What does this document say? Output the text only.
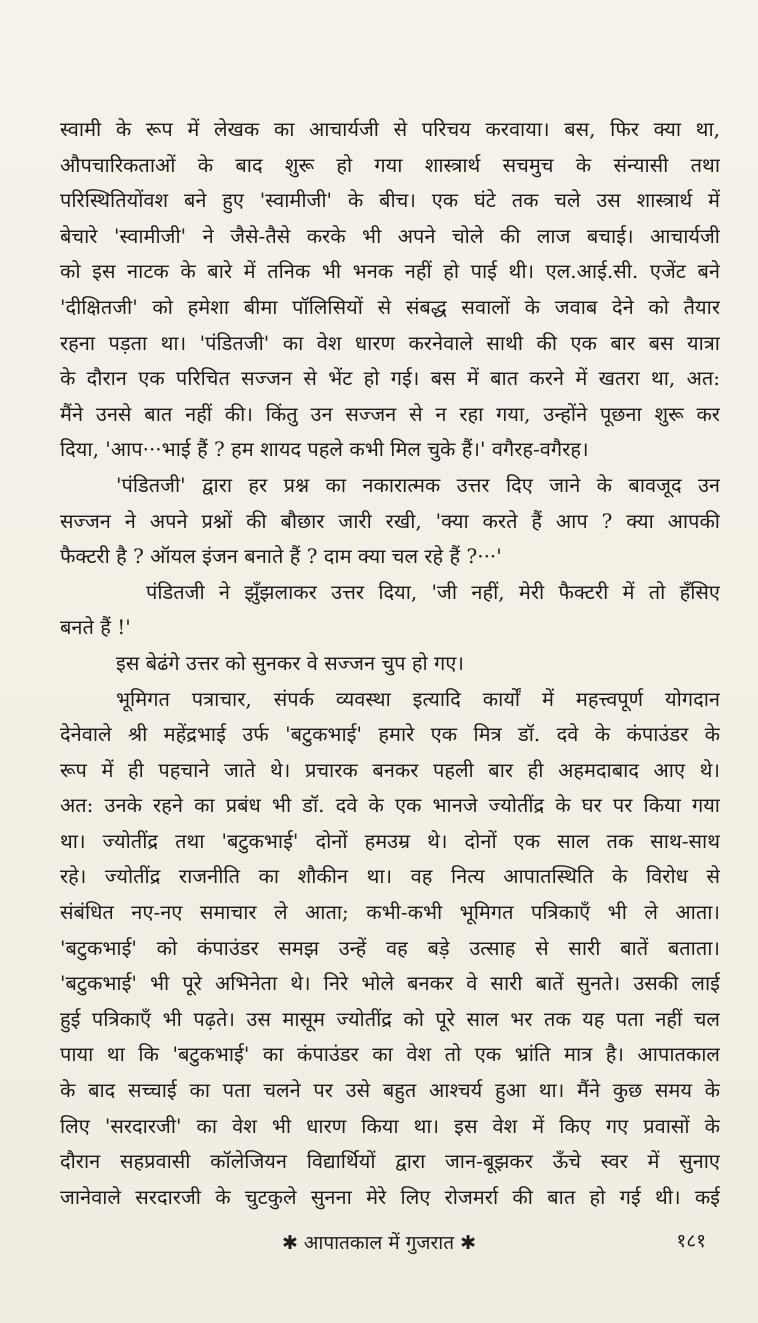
स्वामी के रूप में लेखक का आचार्यजी से परिचय करवाया। बस, फिर क्या था,
औपचारिकताओं के बाद शुरू हो गया शास्त्रार्थ सचमुच के संन्यासी तथा
परिस्थितियोंवश बने हुए 'स्वामीजी' के बीच। एक घंटे तक चले उस शास्त्रार्थ में
बेचारे 'स्वामीजी' ने जैसे-तैसे करके भी अपने चोले की लाज बचाई। आचार्यजी
को इस नाटक के बारे में तनिक भी भनक नहीं हो पाई थी। एल.आई.सी. एजेंट बने
'दीक्षितजी' को हमेशा बीमा पॉलिसियों से संबद्ध सवालों के जवाब देने को तैयार
रहना पड़ता था। 'पंडितजी' का वेश धारण करनेवाले साथी की एक बार बस यात्रा
के दौरान एक परिचित सज्जन से भेंट हो गई। बस में बात करने में खतरा था, अत:
मैंने उनसे बात नहीं की। किंतु उन सज्जन से न रहा गया, उन्होंने पूछना शुरू कर
दिया, 'आप···भाई हैं ? हम शायद पहले कभी मिल चुके हैं।' वगैरह-वगैरह।
'पंडितजी' द्वारा हर प्रश्न का नकारात्मक उत्तर दिए जाने के बावजूद उन
सज्जन ने अपने प्रश्नों की बौछार जारी रखी, 'क्या करते हैं आप ? क्या आपकी
फैक्टरी है ? ऑयल इंजन बनाते हैं ? दाम क्या चल रहे हैं ?···'
पंडितजी ने झुँझलाकर उत्तर दिया, 'जी नहीं, मेरी फैक्टरी में तो हँसिए
बनते हैं !'
इस बेढंगे उत्तर को सुनकर वे सज्जन चुप हो गए।
भूमिगत पत्राचार, संपर्क व्यवस्था इत्यादि कार्यों में महत्त्वपूर्ण योगदान
देनेवाले श्री महेंद्रभाई उर्फ 'बटुकभाई' हमारे एक मित्र डॉ. दवे के कंपाउंडर के
रूप में ही पहचाने जाते थे। प्रचारक बनकर पहली बार ही अहमदाबाद आए थे।
अत: उनके रहने का प्रबंध भी डॉ. दवे के एक भानजे ज्योतींद्र के घर पर किया गया
था। ज्योतींद्र तथा 'बटुकभाई' दोनों हमउम्र थे। दोनों एक साल तक साथ-साथ
रहे। ज्योतींद्र राजनीति का शौकीन था। वह नित्य आपातस्थिति के विरोध से
संबंधित नए-नए समाचार ले आता; कभी-कभी भूमिगत पत्रिकाएँ भी ले आता।
'बटुकभाई' को कंपाउंडर समझ उन्हें वह बड़े उत्साह से सारी बातें बताता।
'बटुकभाई' भी पूरे अभिनेता थे। निरे भोले बनकर वे सारी बातें सुनते। उसकी लाई
हुई पत्रिकाएँ भी पढ़ते। उस मासूम ज्योतींद्र को पूरे साल भर तक यह पता नहीं चल
पाया था कि 'बटुकभाई' का कंपाउंडर का वेश तो एक भ्रांति मात्र है। आपातकाल
के बाद सच्चाई का पता चलने पर उसे बहुत आश्चर्य हुआ था। मैंने कुछ समय के
लिए 'सरदारजी' का वेश भी धारण किया था। इस वेश में किए गए प्रवासों के
दौरान सहप्रवासी कॉलेजियन विद्यार्थियों द्वारा जान-बूझकर ऊँचे स्वर में सुनाए
जानेवाले सरदारजी के चुटकुले सुनना मेरे लिए रोजमर्रा की बात हो गई थी। कई
✱ आपातकाल में गुजरात ✱	१८१
